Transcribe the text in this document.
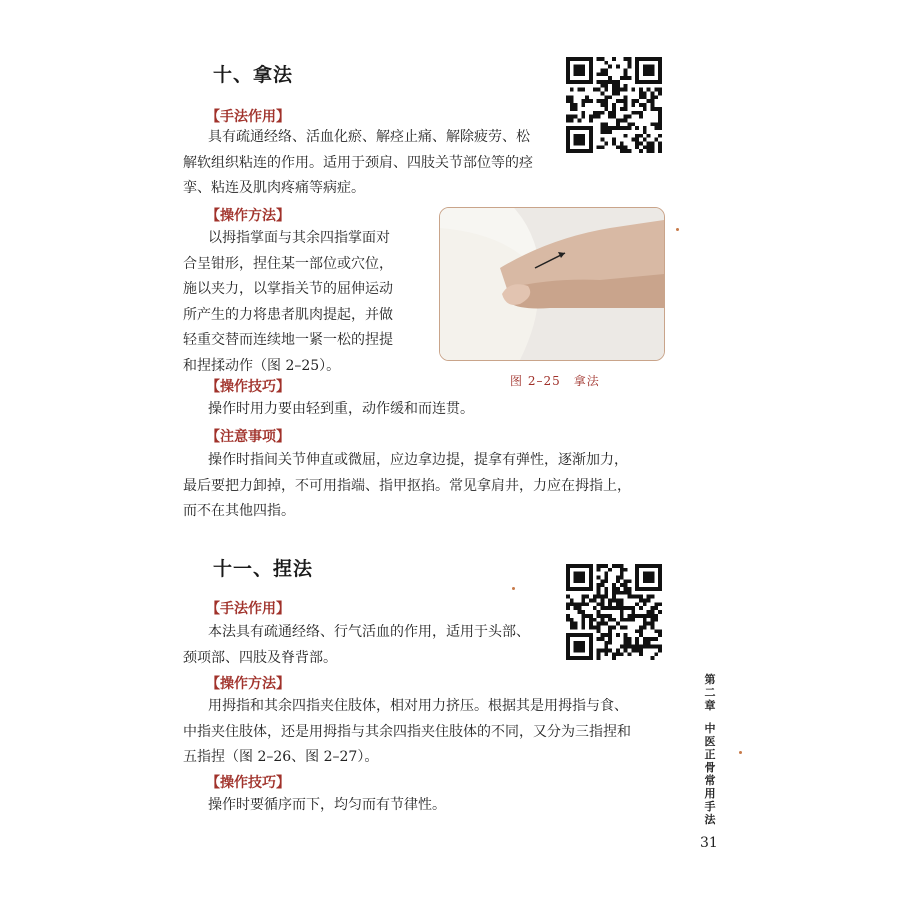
十、拿法
【手法作用】
具有疏通经络、活血化瘀、解痉止痛、解除疲劳、松
解软组织粘连的作用。适用于颈肩、四肢关节部位等的痉
挛、粘连及肌肉疼痛等病症。
【操作方法】
以拇指掌面与其余四指掌面对
合呈钳形，捏住某一部位或穴位，
施以夹力，以掌指关节的屈伸运动
所产生的力将患者肌肉提起，并做
轻重交替而连续地一紧一松的捏提
和捏揉动作（图 2–25）。
图 2–25　拿法
【操作技巧】
操作时用力要由轻到重，动作缓和而连贯。
【注意事项】
操作时指间关节伸直或微屈，应边拿边提，提拿有弹性，逐渐加力，
最后要把力卸掉，不可用指端、指甲抠掐。常见拿肩井，力应在拇指上，
而不在其他四指。
十一、捏法
【手法作用】
本法具有疏通经络、行气活血的作用，适用于头部、
颈项部、四肢及脊背部。
【操作方法】
用拇指和其余四指夹住肢体，相对用力挤压。根据其是用拇指与食、
中指夹住肢体，还是用拇指与其余四指夹住肢体的不同，又分为三指捏和
五指捏（图 2–26、图 2–27）。
【操作技巧】
操作时要循序而下，均匀而有节律性。
第
二
章
中
医
正
骨
常
用
手
法
31
